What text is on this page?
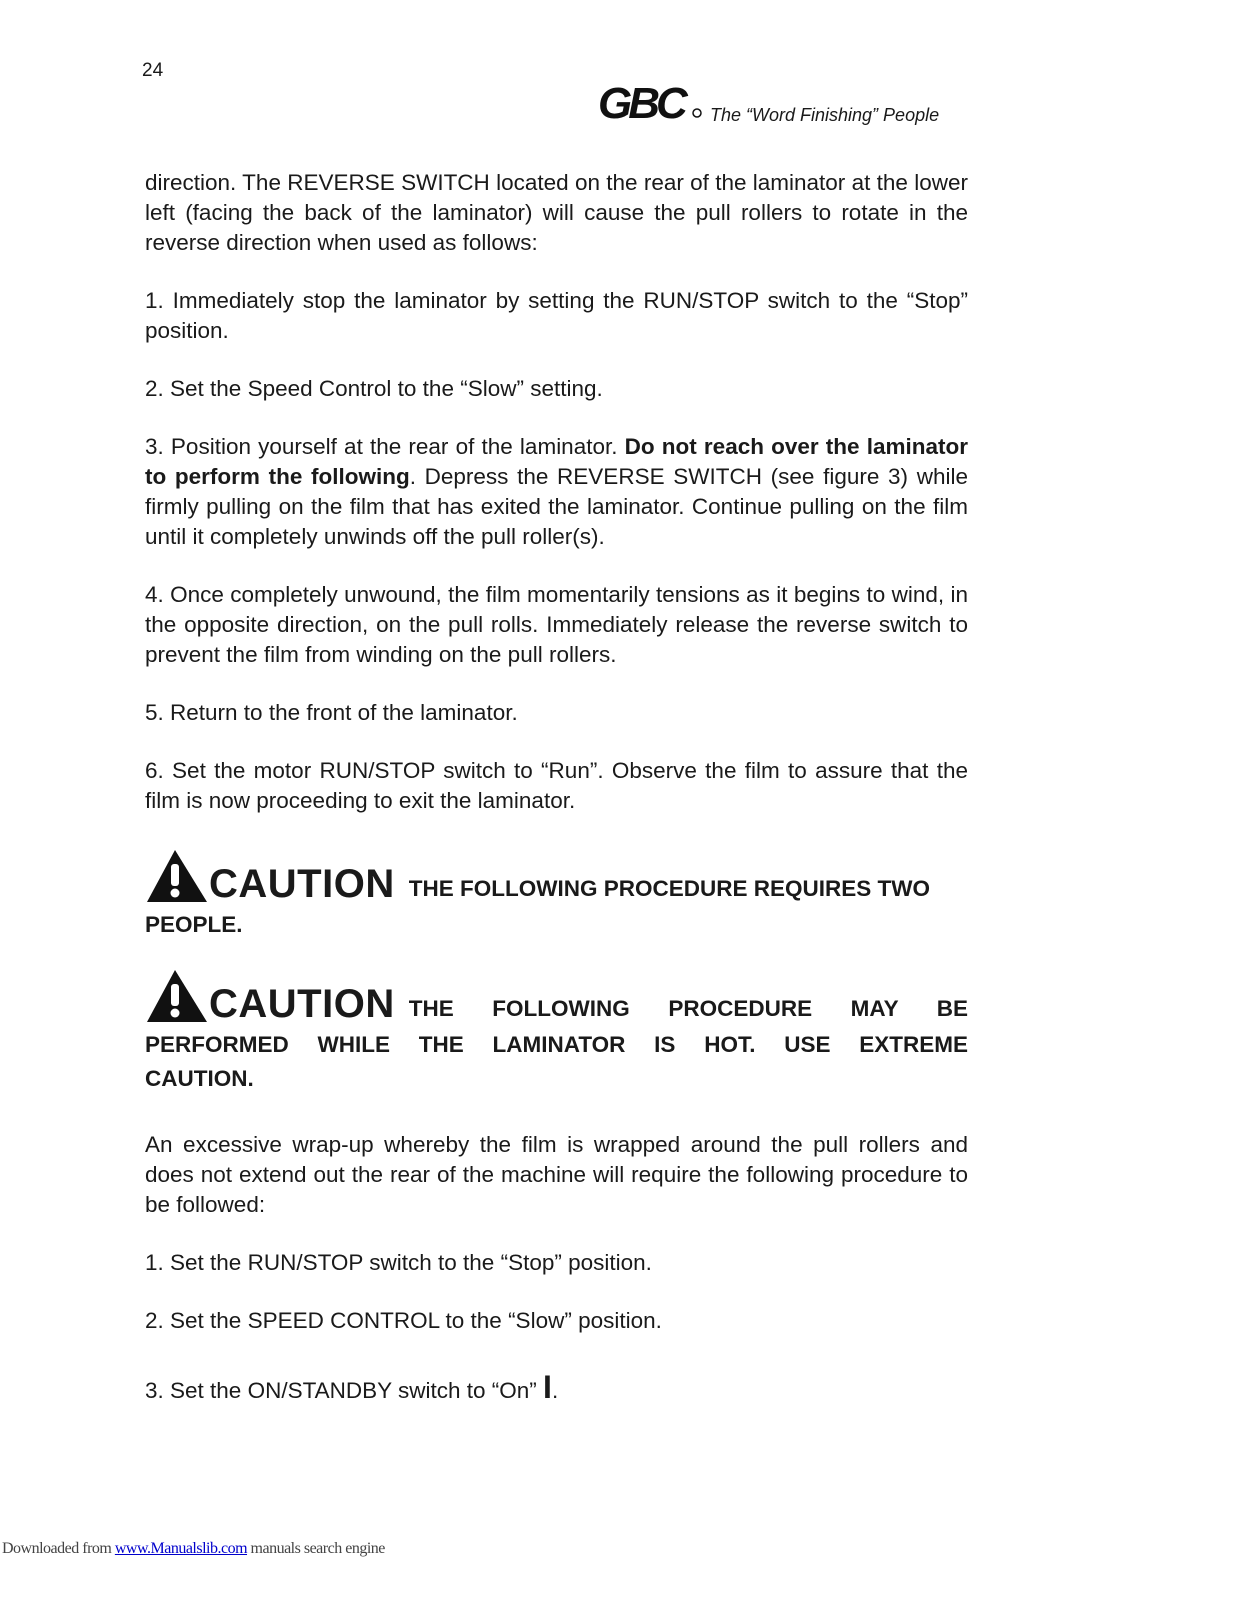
24
GBC The “Word Finishing” People

direction. The REVERSE SWITCH located on the rear of the laminator at the lower left (facing the back of the laminator) will cause the pull rollers to rotate in the reverse direction when used as follows:

1. Immediately stop the laminator by setting the RUN/STOP switch to the “Stop” position.

2. Set the Speed Control to the “Slow” setting.

3. Position yourself at the rear of the laminator. Do not reach over the laminator to perform the following. Depress the REVERSE SWITCH (see figure 3) while firmly pulling on the film that has exited the laminator. Continue pulling on the film until it completely unwinds off the pull roller(s).

4. Once completely unwound, the film momentarily tensions as it begins to wind, in the opposite direction, on the pull rolls. Immediately release the reverse switch to prevent the film from winding on the pull rollers.

5. Return to the front of the laminator.

6. Set the motor RUN/STOP switch to “Run”. Observe the film to assure that the film is now proceeding to exit the laminator.

CAUTION THE FOLLOWING PROCEDURE REQUIRES TWO
PEOPLE.
CAUTION THE FOLLOWING PROCEDURE MAY BE
PERFORMED WHILE THE LAMINATOR IS HOT. USE EXTREME
CAUTION.

An excessive wrap-up whereby the film is wrapped around the pull rollers and does not extend out the rear of the machine will require the following procedure to be followed:

1. Set the RUN/STOP switch to the “Stop” position.

2. Set the SPEED CONTROL to the “Slow” position.

3. Set the ON/STANDBY switch to “On” I.

Downloaded from www.Manualslib.com manuals search engine
